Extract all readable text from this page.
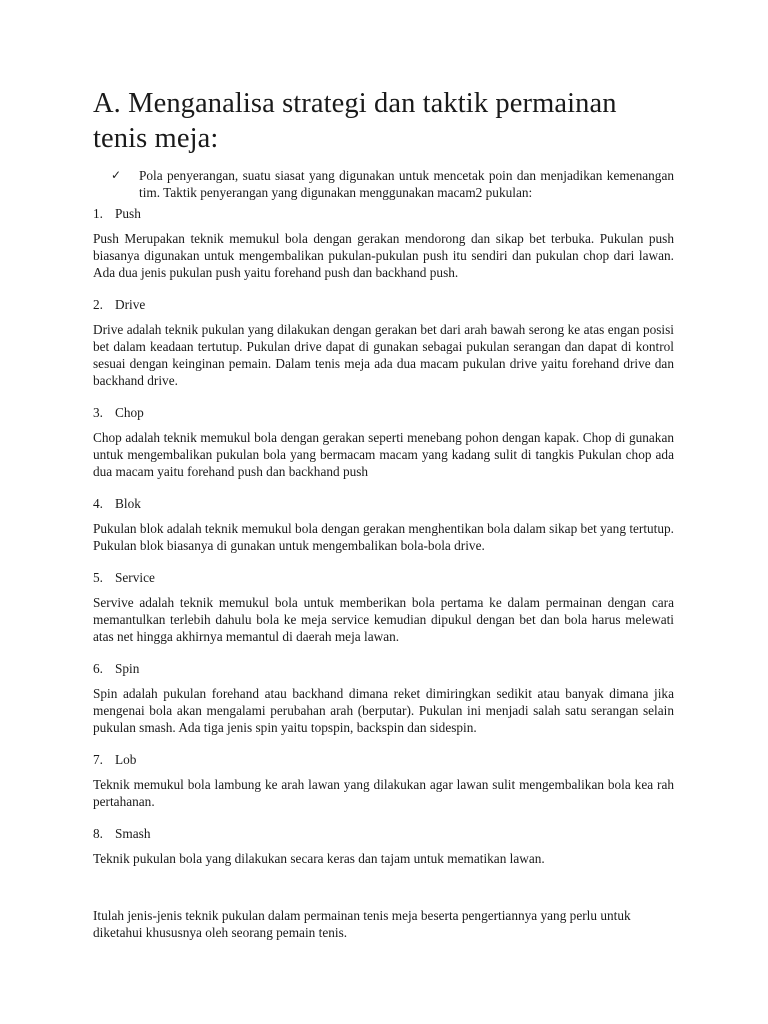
A. Menganalisa strategi dan taktik permainan tenis meja:
✓	Pola penyerangan, suatu siasat yang digunakan untuk mencetak poin dan menjadikan kemenangan tim. Taktik penyerangan yang digunakan menggunakan macam2 pukulan:
1. Push
Push Merupakan teknik memukul bola dengan gerakan mendorong dan sikap bet terbuka. Pukulan push biasanya digunakan untuk mengembalikan pukulan-pukulan push itu sendiri dan pukulan chop dari lawan. Ada dua jenis pukulan push yaitu forehand push dan backhand push.
2. Drive
Drive adalah teknik pukulan yang dilakukan dengan gerakan bet dari arah bawah serong ke atas engan posisi bet dalam keadaan tertutup. Pukulan drive dapat di gunakan sebagai pukulan serangan dan dapat di kontrol sesuai dengan keinginan pemain. Dalam tenis meja ada dua macam pukulan drive yaitu forehand drive dan backhand drive.
3. Chop
Chop adalah teknik memukul bola dengan gerakan seperti menebang pohon dengan kapak. Chop di gunakan untuk mengembalikan pukulan bola yang bermacam macam yang kadang sulit di tangkis Pukulan chop ada dua macam yaitu forehand push dan backhand push
4. Blok
Pukulan blok adalah teknik memukul bola dengan gerakan menghentikan bola dalam sikap bet yang tertutup. Pukulan blok biasanya di gunakan untuk mengembalikan bola-bola drive.
5. Service
Servive adalah teknik memukul bola untuk memberikan bola pertama ke dalam permainan dengan cara memantulkan terlebih dahulu bola ke meja service kemudian dipukul dengan bet dan bola harus melewati atas net hingga akhirnya memantul di daerah meja lawan.
6. Spin
Spin adalah pukulan forehand atau backhand dimana reket dimiringkan sedikit atau banyak dimana jika mengenai bola akan mengalami perubahan arah (berputar). Pukulan ini menjadi salah satu serangan selain pukulan smash. Ada tiga jenis spin yaitu topspin, backspin dan sidespin.
7. Lob
Teknik memukul bola lambung ke arah lawan yang dilakukan agar lawan sulit mengembalikan bola kea rah pertahanan.
8. Smash
Teknik pukulan bola yang dilakukan secara keras dan tajam untuk mematikan lawan.
Itulah jenis-jenis teknik pukulan dalam permainan tenis meja beserta pengertiannya yang perlu untuk diketahui khususnya oleh seorang pemain tenis.
